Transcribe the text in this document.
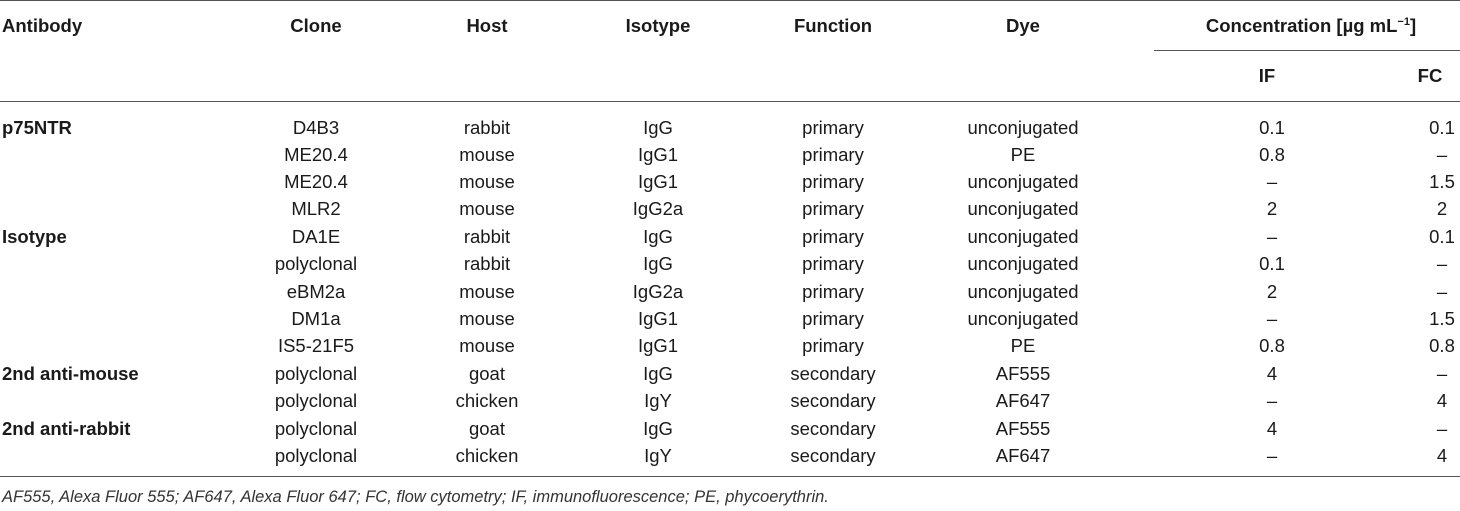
Antibody	Clone	Host	Isotype	Function	Dye	Concentration [µg $mL^{-1}$]	

						IF	FC

p75NTR	D4B3	rabbit	IgG	primary	unconjugated	0.1	0.1
	ME20.4	mouse	IgG1	primary	PE	0.8	–
	ME20.4	mouse	IgG1	primary	unconjugated	–	1.5
	MLR2	mouse	IgG2a	primary	unconjugated	2	2
Isotype	DA1E	rabbit	IgG	primary	unconjugated	–	0.1
	polyclonal	rabbit	IgG	primary	unconjugated	0.1	–
	eBM2a	mouse	IgG2a	primary	unconjugated	2	–
	DM1a	mouse	IgG1	primary	unconjugated	–	1.5
	IS5-21F5	mouse	IgG1	primary	PE	0.8	0.8
2nd anti-mouse	polyclonal	goat	IgG	secondary	AF555	4	–
	polyclonal	chicken	IgY	secondary	AF647	–	4
2nd anti-rabbit	polyclonal	goat	IgG	secondary	AF555	4	–
	polyclonal	chicken	IgY	secondary	AF647	–	4
AF555, Alexa Fluor 555; AF647, Alexa Fluor 647; FC, flow cytometry; IF, immunofluorescence; PE, phycoerythrin.
